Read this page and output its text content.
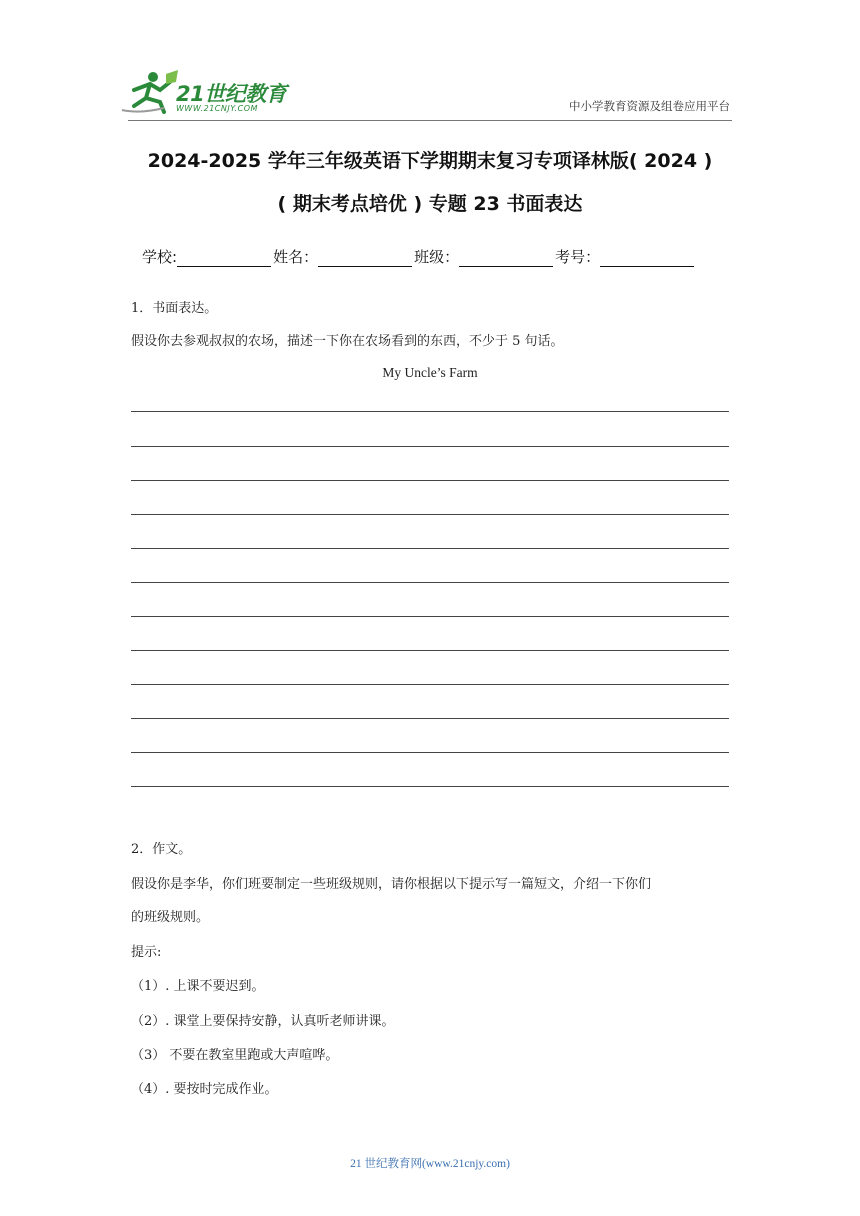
21世纪教育
WWW.21CNJY.COM	中小学教育资源及组卷应用平台
2024-2025 学年三年级英语下学期期末复习专项译林版( 2024 )
( 期末考点培优 ) 专题 23 书面表达
学校:	姓名：	班级：	考号：
1．书面表达。
假设你去参观叔叔的农场，描述一下你在农场看到的东西，不少于 5 句话。
My Uncle’s Farm
2．作文。
假设你是李华，你们班要制定一些班级规则，请你根据以下提示写一篇短文，介绍一下你们
的班级规则。
提示:
（1）. 上课不要迟到。
（2）. 课堂上要保持安静，认真听老师讲课。
（3） 不要在教室里跑或大声喧哗。
（4）. 要按时完成作业。
21 世纪教育网(www.21cnjy.com)
